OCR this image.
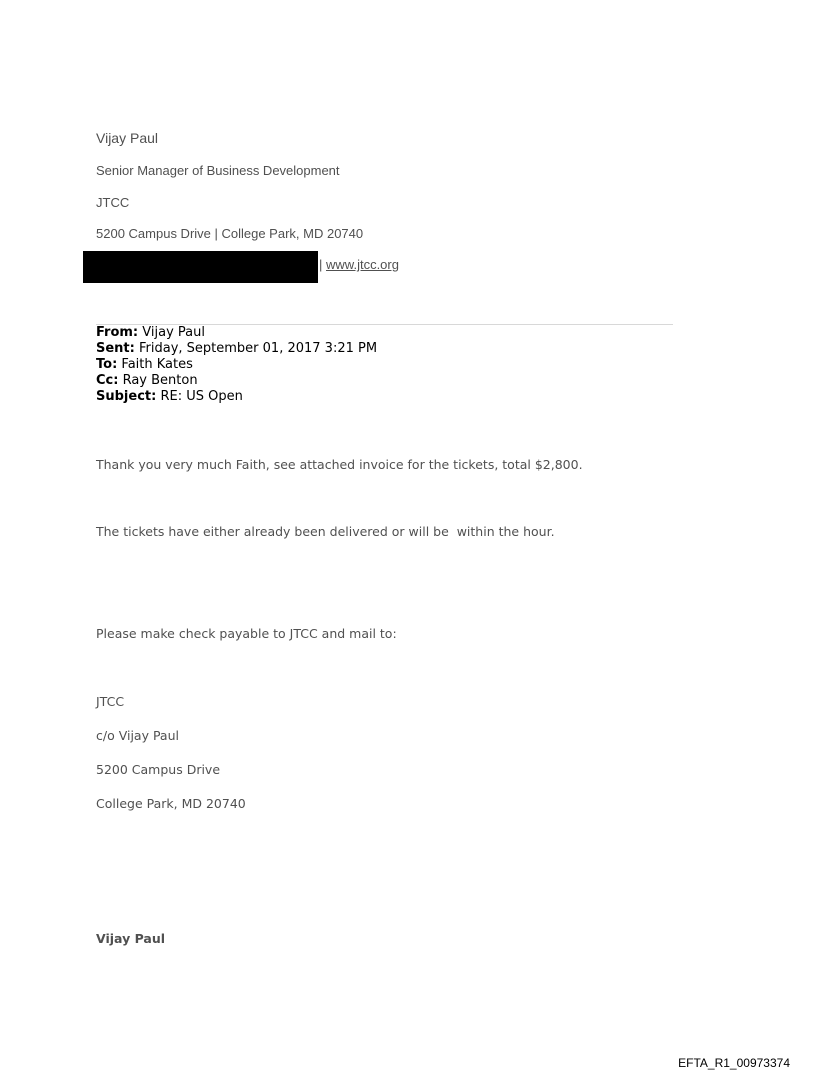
Vijay Paul
Senior Manager of Business Development
JTCC
5200 Campus Drive | College Park, MD 20740
| www.jtcc.org
From: Vijay Paul
Sent: Friday, September 01, 2017 3:21 PM
To: Faith Kates
Cc: Ray Benton
Subject: RE: US Open
Thank you very much Faith, see attached invoice for the tickets, total $2,800.
The tickets have either already been delivered or will be  within the hour.
Please make check payable to JTCC and mail to:
JTCC
c/o Vijay Paul
5200 Campus Drive
College Park, MD 20740
Vijay Paul
EFTA_R1_00973374
